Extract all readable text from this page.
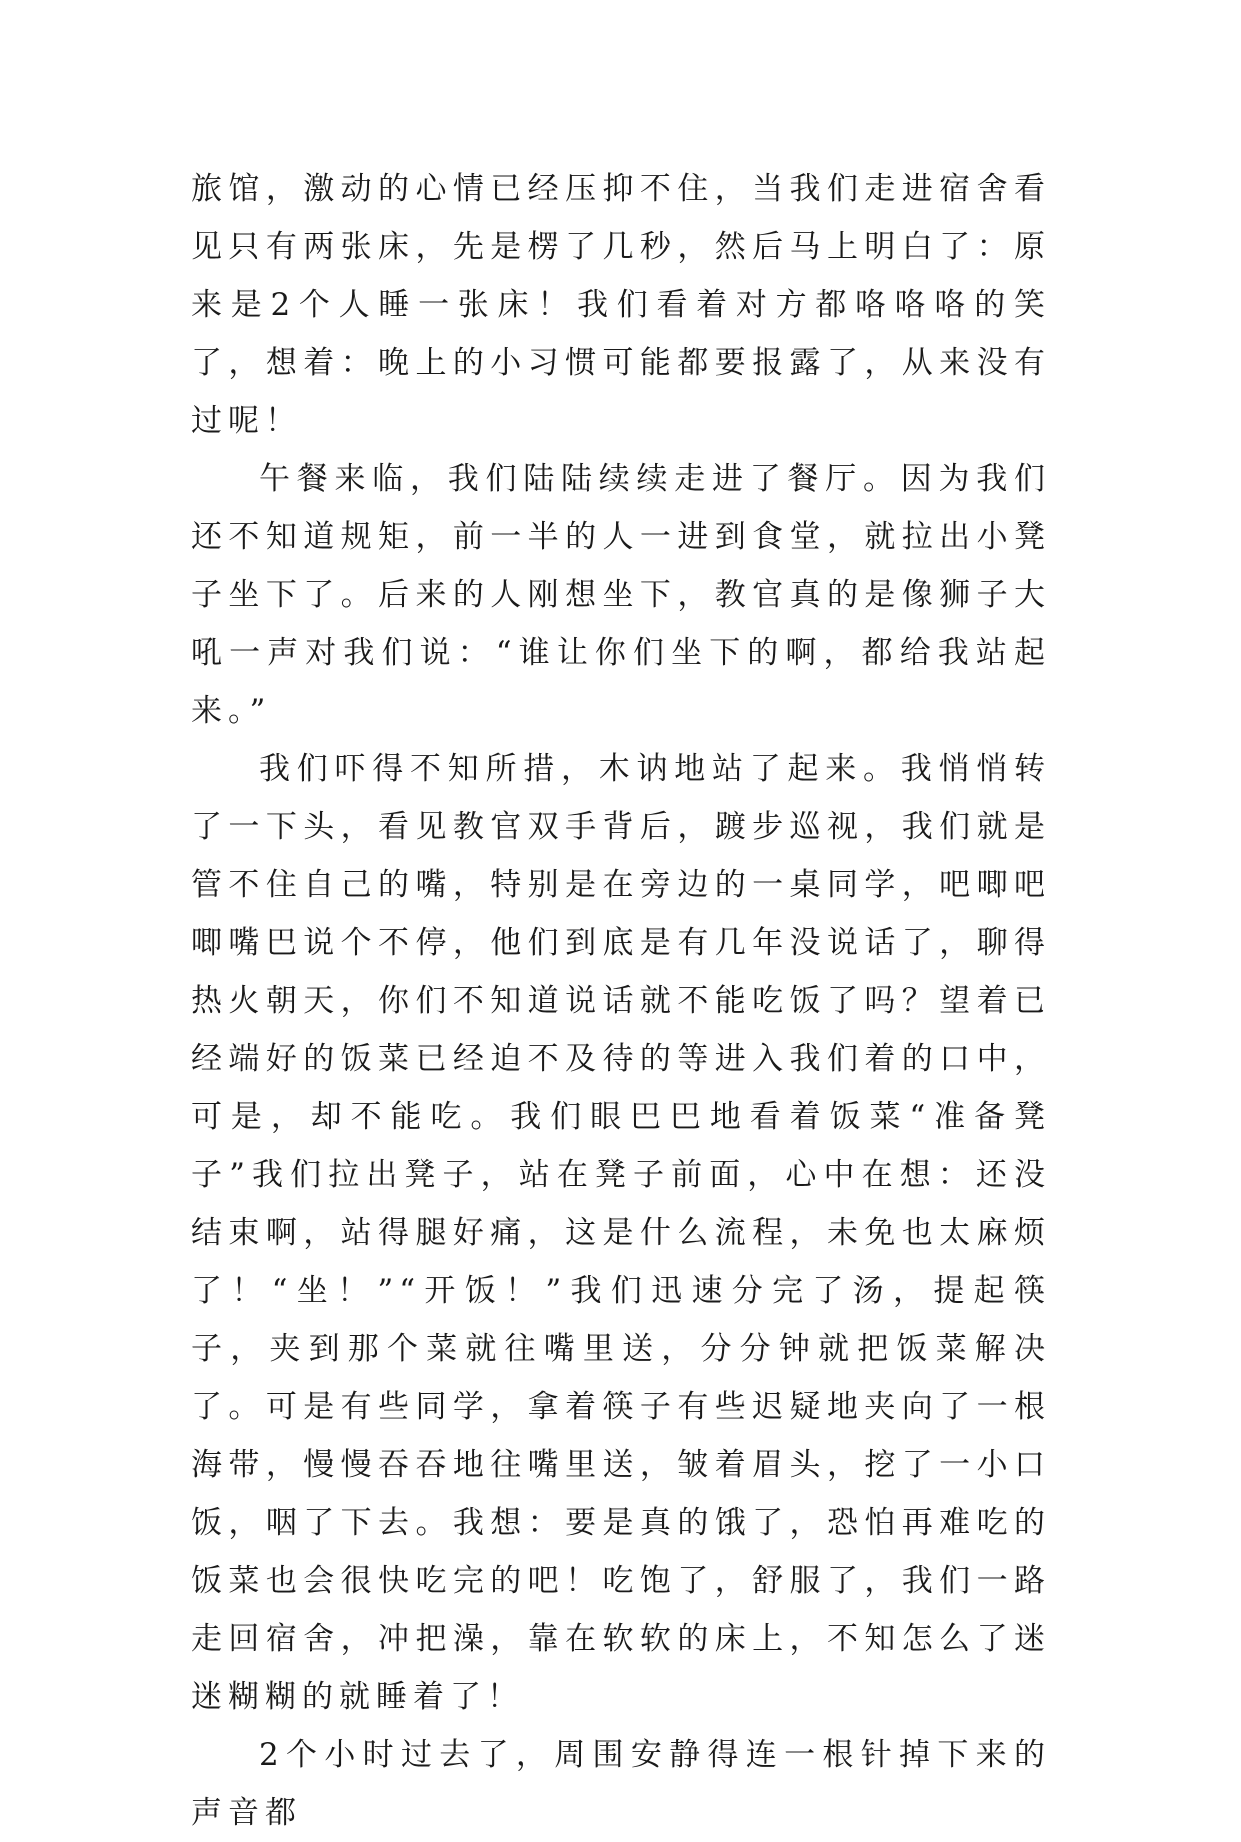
旅馆，激动的心情已经压抑不住，当我们走进宿舍看见只有两张床，先是楞了几秒，然后马上明白了：原来是2个人睡一张床！我们看着对方都咯咯咯的笑了，想着：晚上的小习惯可能都要报露了，从来没有过呢！

午餐来临，我们陆陆续续走进了餐厅。因为我们还不知道规矩，前一半的人一进到食堂，就拉出小凳子坐下了。后来的人刚想坐下，教官真的是像狮子大吼一声对我们说：“谁让你们坐下的啊，都给我站起来。”

我们吓得不知所措，木讷地站了起来。我悄悄转了一下头，看见教官双手背后，踱步巡视，我们就是管不住自己的嘴，特别是在旁边的一桌同学，吧唧吧唧嘴巴说个不停，他们到底是有几年没说话了，聊得热火朝天，你们不知道说话就不能吃饭了吗？望着已经端好的饭菜已经迫不及待的等进入我们着的口中，可是，却不能吃。我们眼巴巴地看着饭菜“准备凳子”我们拉出凳子，站在凳子前面，心中在想：还没结束啊，站得腿好痛，这是什么流程，未免也太麻烦了！“坐！”“开饭！”我们迅速分完了汤，提起筷子，夹到那个菜就往嘴里送，分分钟就把饭菜解决了。可是有些同学，拿着筷子有些迟疑地夹向了一根海带，慢慢吞吞地往嘴里送，皱着眉头，挖了一小口饭，咽了下去。我想：要是真的饿了，恐怕再难吃的饭菜也会很快吃完的吧！吃饱了，舒服了，我们一路走回宿舍，冲把澡，靠在软软的床上，不知怎么了迷迷糊糊的就睡着了！

2个小时过去了，周围安静得连一根针掉下来的声音都
